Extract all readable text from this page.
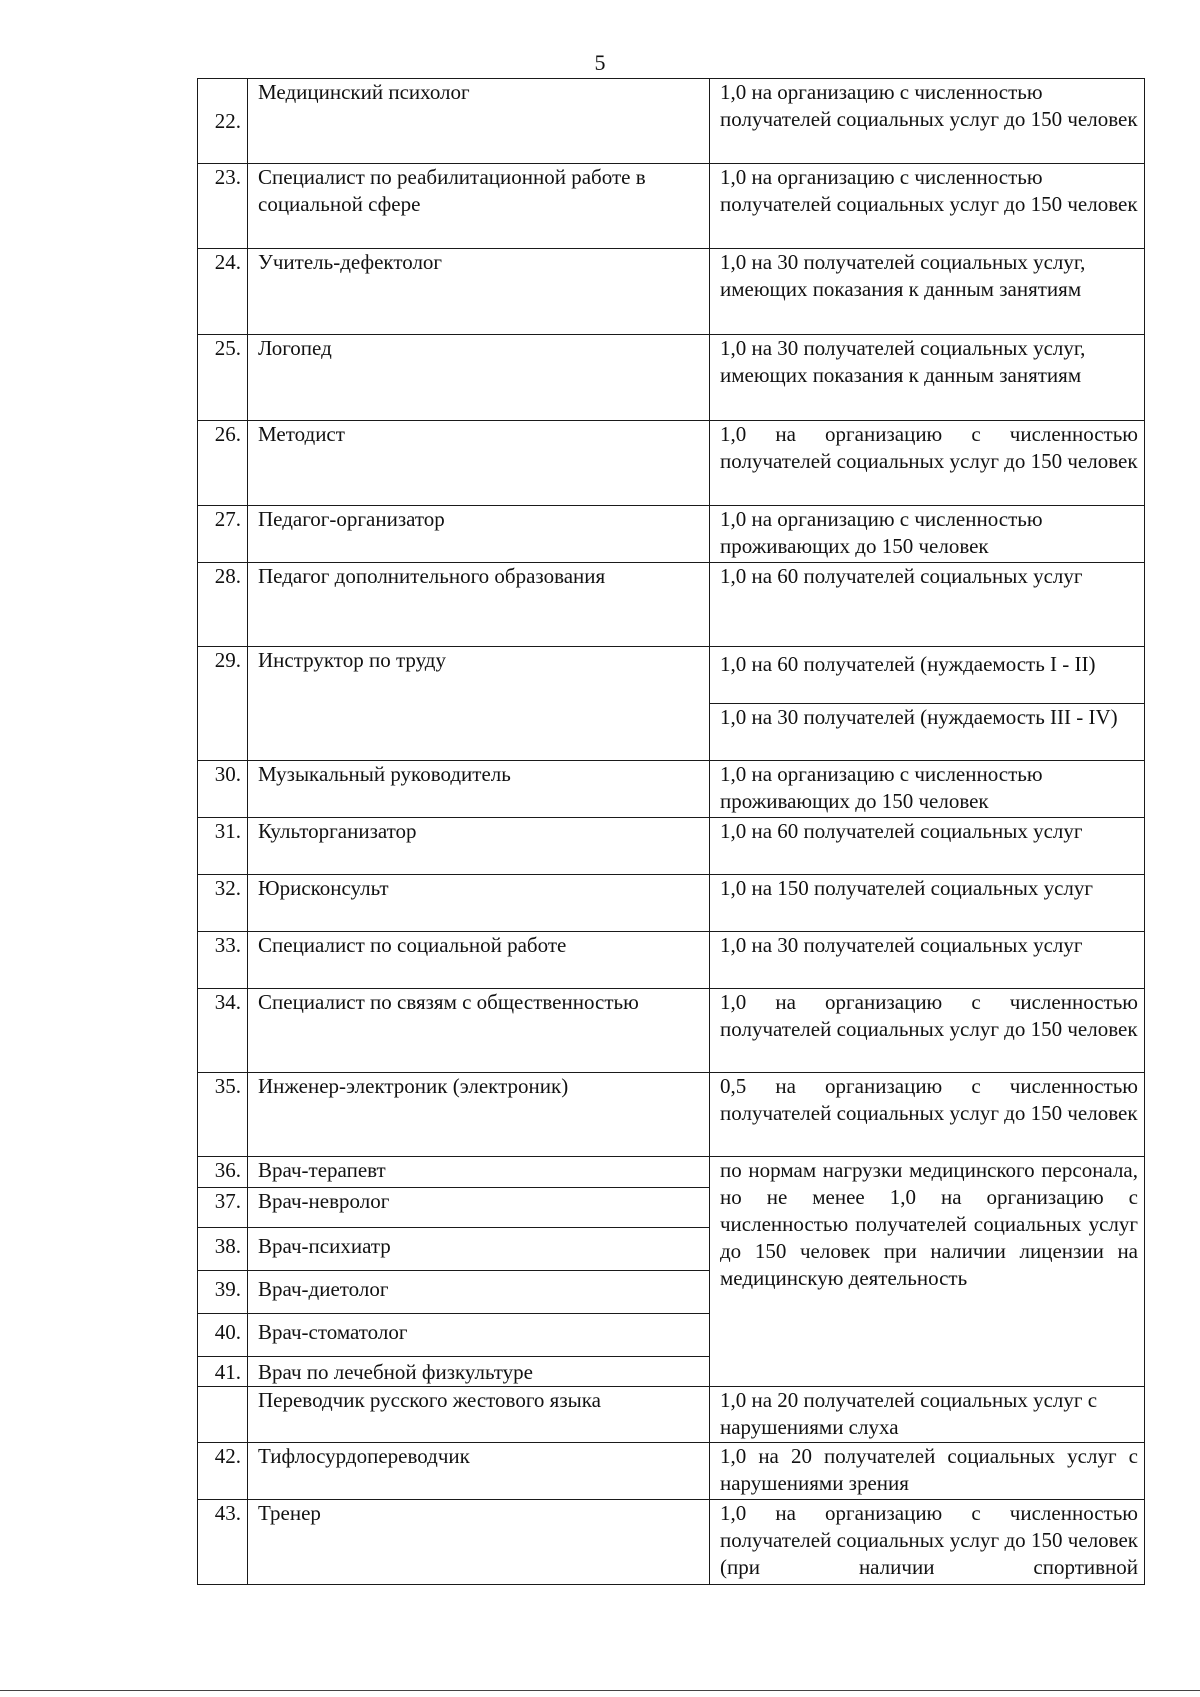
5
22.	Медицинский психолог	1,0 на организацию с численностью получателей социальных услуг до 150 человек
23.	Специалист по реабилитационной работе в социальной сфере	1,0 на организацию с численностью получателей социальных услуг до 150 человек
24.	Учитель-дефектолог	1,0 на 30 получателей социальных услуг, имеющих показания к данным занятиям
25.	Логопед	1,0 на 30 получателей социальных услуг, имеющих показания к данным занятиям
26.	Методист	1,0 на организацию с численностью получателей социальных услуг до 150 человек
27.	Педагог-организатор	1,0 на организацию с численностью проживающих до 150 человек
28.	Педагог дополнительного образования	1,0 на 60 получателей социальных услуг
29.	Инструктор по труду	1,0 на 60 получателей (нуждаемость I - II)
		1,0 на 30 получателей (нуждаемость III - IV)
30.	Музыкальный руководитель	1,0 на организацию с численностью проживающих до 150 человек
31.	Культорганизатор	1,0 на 60 получателей социальных услуг
32.	Юрисконсульт	1,0 на 150 получателей социальных услуг
33.	Специалист по социальной работе	1,0 на 30 получателей социальных услуг
34.	Специалист по связям с общественностью	1,0 на организацию с численностью получателей социальных услуг до 150 человек
35.	Инженер-электроник (электроник)	0,5 на организацию с численностью получателей социальных услуг до 150 человек
36.	Врач-терапевт	по нормам нагрузки медицинского персонала, но не менее 1,0 на организацию с численностью получателей социальных услуг до 150 человек при наличии лицензии на медицинскую деятельность
37.	Врач-невролог	
38.	Врач-психиатр	
39.	Врач-диетолог	
40.	Врач-стоматолог	
41.	Врач по лечебной физкультуре	
	Переводчик русского жестового языка	1,0 на 20 получателей социальных услуг с нарушениями слуха
42.	Тифлосурдопереводчик	1,0 на 20 получателей социальных услуг с нарушениями зрения
43.	Тренер	1,0 на организацию с численностью получателей социальных услуг до 150 человек (при наличии спортивной
